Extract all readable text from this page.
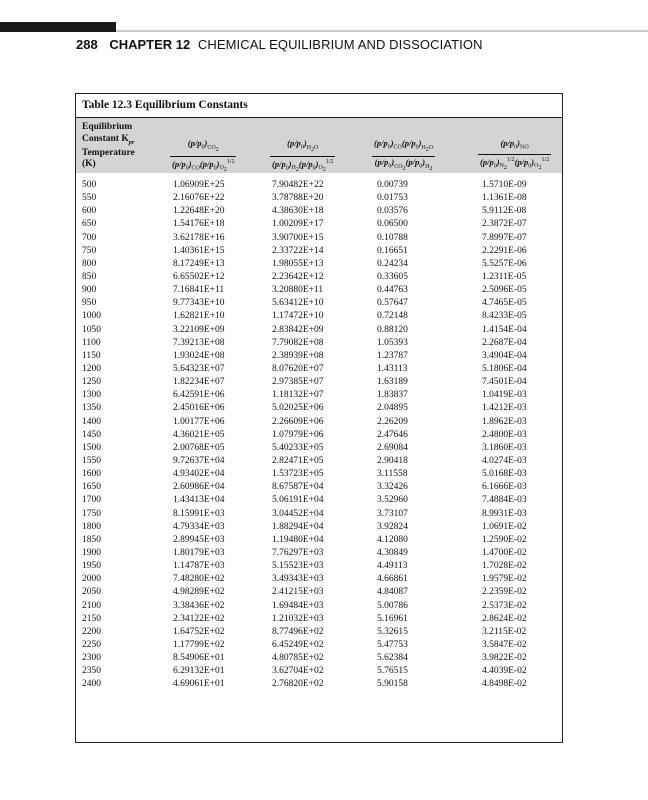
288 CHAPTER 12 CHEMICAL EQUILIBRIUM AND DISSOCIATION
Table 12.3 Equilibrium Constants
Equilibrium
Constant $K_{pr}$
Temperature
(K)	$\frac{(p/p_0)_{CO_2}}{(p/p_0)_{CO}(p/p_0)_{O_2}^{1/2}}$	$\frac{(p/p_0)_{H_2O}}{(p/p_0)_{H_2}(p/p_0)_{O_2}^{1/2}}$	$\frac{(p/p_0)_{CO}(p/p_0)_{H_2O}}{(p/p_0)_{CO_2}(p/p_0)_{H_2}}$	$\frac{(p/p_0)_{NO}}{(p/p_0)_{N_2}^{1/2}(p/p_0)_{O_2}^{1/2}}$
500	1.06909E+25	7.90482E+22	0.00739	1.5710E-09
550	2.16076E+22	3.78788E+20	0.01753	1.1361E-08
600	1.22648E+20	4.38630E+18	0.03576	5.9112E-08
650	1.54176E+18	1.00209E+17	0.06500	2.3872E-07
700	3.62178E+16	3.90700E+15	0.10788	7.8997E-07
750	1.40361E+15	2.33722E+14	0.16651	2.2291E-06
800	8.17249E+13	1.98055E+13	0.24234	5.5257E-06
850	6.65502E+12	2.23642E+12	0.33605	1.2311E-05
900	7.16841E+11	3.20880E+11	0.44763	2.5096E-05
950	9.77343E+10	5.63412E+10	0.57647	4.7465E-05
1000	1.62821E+10	1.17472E+10	0.72148	8.4233E-05
1050	3.22109E+09	2.83842E+09	0.88120	1.4154E-04
1100	7.39213E+08	7.79082E+08	1.05393	2.2687E-04
1150	1.93024E+08	2.38939E+08	1.23787	3.4904E-04
1200	5.64323E+07	8.07620E+07	1.43113	5.1806E-04
1250	1.82234E+07	2.97385E+07	1.63189	7.4501E-04
1300	6.42591E+06	1.18132E+07	1.83837	1.0419E-03
1350	2.45016E+06	5.02025E+06	2.04895	1.4212E-03
1400	1.00177E+06	2.26609E+06	2.26209	1.8962E-03
1450	4.36021E+05	1.07979E+06	2.47646	2.4800E-03
1500	2.00768E+05	5.40233E+05	2.69084	3.1860E-03
1550	9.72637E+04	2.82471E+05	2.90418	4.0274E-03
1600	4.93402E+04	1.53723E+05	3.11558	5.0168E-03
1650	2.60986E+04	8.67587E+04	3.32426	6.1666E-03
1700	1.43413E+04	5.06191E+04	3.52960	7.4884E-03
1750	8.15991E+03	3.04452E+04	3.73107	8.9931E-03
1800	4.79334E+03	1.88294E+04	3.92824	1.0691E-02
1850	2.89945E+03	1.19480E+04	4.12080	1.2590E-02
1900	1.80179E+03	7.76297E+03	4.30849	1.4700E-02
1950	1.14787E+03	5.15523E+03	4.49113	1.7028E-02
2000	7.48280E+02	3.49343E+03	4.66861	1.9579E-02
2050	4.98289E+02	2.41215E+03	4.84087	2.2359E-02
2100	3.38436E+02	1.69484E+03	5.00786	2.5373E-02
2150	2.34122E+02	1.21032E+03	5.16961	2.8624E-02
2200	1.64752E+02	8.77496E+02	5.32615	3.2115E-02
2250	1.17799E+02	6.45249E+02	5.47753	3.5847E-02
2300	8.54906E+01	4.80785E+02	5.62384	3.9822E-02
2350	6.29132E+01	3.62704E+02	5.76515	4.4039E-02
2400	4.69061E+01	2.76820E+02	5.90158	4.8498E-02
